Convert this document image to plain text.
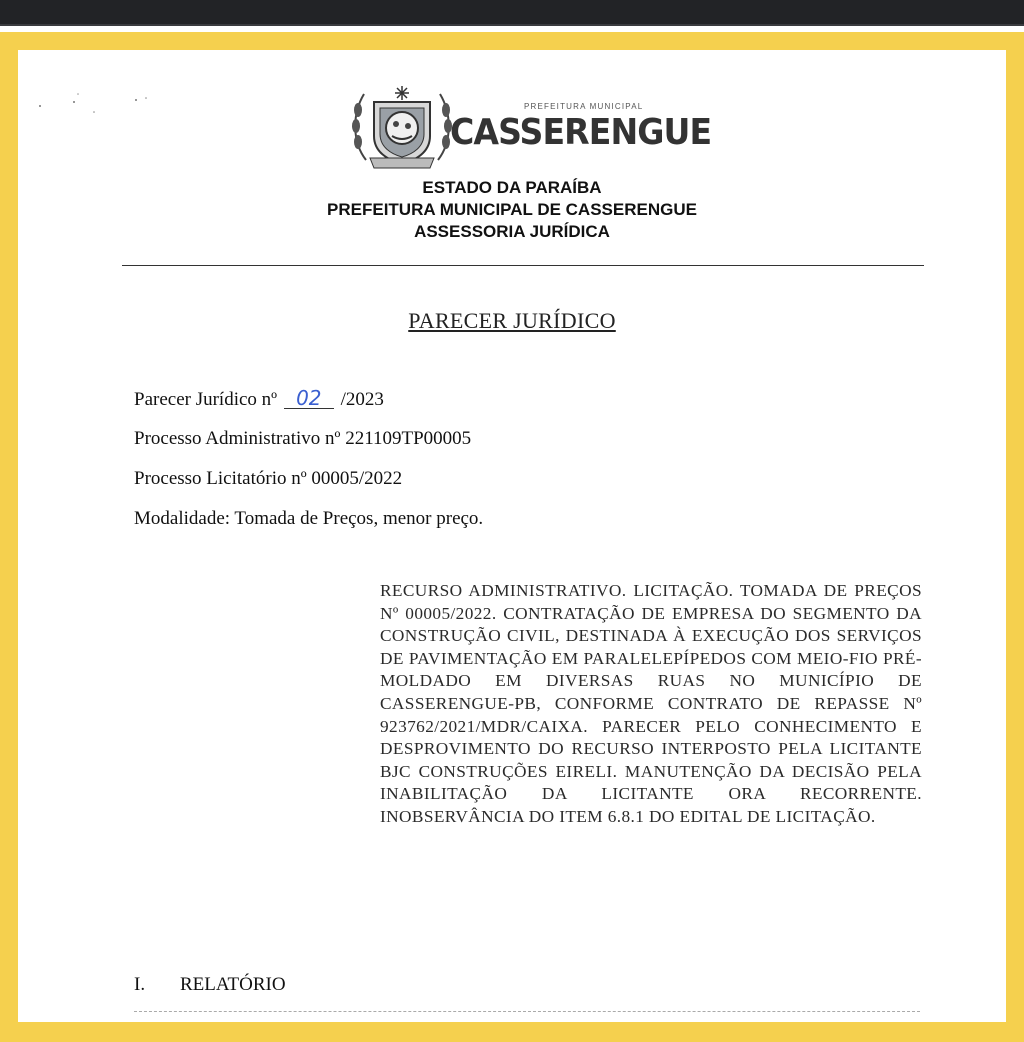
PREFEITURA MUNICIPAL
CASSERENGUE
ESTADO DA PARAÍBA
PREFEITURA MUNICIPAL DE CASSERENGUE
ASSESSORIA JURÍDICA
PARECER JURÍDICO
Parecer Jurídico nº 02 /2023
Processo Administrativo nº 221109TP00005
Processo Licitatório nº 00005/2022
Modalidade: Tomada de Preços, menor preço.
RECURSO ADMINISTRATIVO. LICITAÇÃO. TOMADA DE PREÇOS Nº 00005/2022. CONTRATAÇÃO DE EMPRESA DO SEGMENTO DA CONSTRUÇÃO CIVIL, DESTINADA À EXECUÇÃO DOS SERVIÇOS DE PAVIMENTAÇÃO EM PARALELEPÍPEDOS COM MEIO-FIO PRÉ-MOLDADO EM DIVERSAS RUAS NO MUNICÍPIO DE CASSERENGUE-PB, CONFORME CONTRATO DE REPASSE Nº 923762/2021/MDR/CAIXA. PARECER PELO CONHECIMENTO E DESPROVIMENTO DO RECURSO INTERPOSTO PELA LICITANTE BJC CONSTRUÇÕES EIRELI. MANUTENÇÃO DA DECISÃO PELA INABILITAÇÃO DA LICITANTE ORA RECORRENTE. INOBSERVÂNCIA DO ITEM 6.8.1 DO EDITAL DE LICITAÇÃO.
I. RELATÓRIO
